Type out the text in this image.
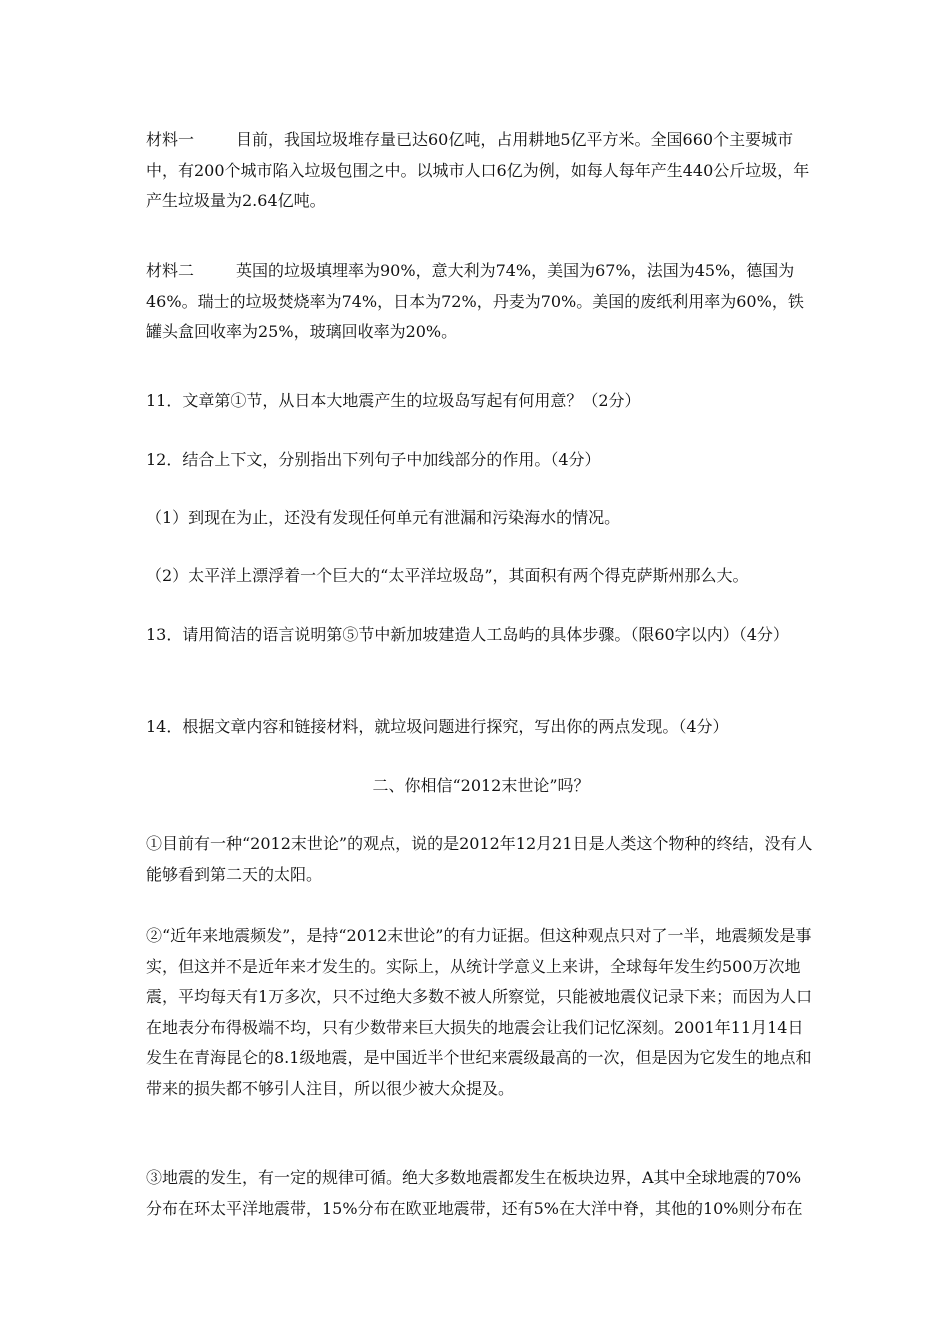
材料一	目前，我国垃圾堆存量已达60亿吨，占用耕地5亿平方米。全国660个主要城市中，有200个城市陷入垃圾包围之中。以城市人口6亿为例，如每人每年产生440公斤垃圾，年产生垃圾量为2.64亿吨。

材料二	英国的垃圾填埋率为90%，意大利为74%，美国为67%，法国为45%，德国为46%。瑞士的垃圾焚烧率为74%，日本为72%，丹麦为70%。美国的废纸利用率为60%，铁罐头盒回收率为25%，玻璃回收率为20%。

11．文章第①节，从日本大地震产生的垃圾岛写起有何用意？（2分）

12．结合上下文，分别指出下列句子中加线部分的作用。（4分）

（1）到现在为止，还没有发现任何单元有泄漏和污染海水的情况。

（2）太平洋上漂浮着一个巨大的“太平洋垃圾岛”，其面积有两个得克萨斯州那么大。

13．请用简洁的语言说明第⑤节中新加坡建造人工岛屿的具体步骤。（限60字以内）（4分）

14．根据文章内容和链接材料，就垃圾问题进行探究，写出你的两点发现。（4分）

二、你相信“2012末世论”吗？

①目前有一种“2012末世论”的观点，说的是2012年12月21日是人类这个物种的终结，没有人能够看到第二天的太阳。

②“近年来地震频发”，是持“2012末世论”的有力证据。但这种观点只对了一半，地震频发是事实，但这并不是近年来才发生的。实际上，从统计学意义上来讲，全球每年发生约500万次地震，平均每天有1万多次，只不过绝大多数不被人所察觉，只能被地震仪记录下来；而因为人口在地表分布得极端不均，只有少数带来巨大损失的地震会让我们记忆深刻。2001年11月14日发生在青海昆仑的8.1级地震，是中国近半个世纪来震级最高的一次，但是因为它发生的地点和带来的损失都不够引人注目，所以很少被大众提及。

③地震的发生，有一定的规律可循。绝大多数地震都发生在板块边界，A其中全球地震的70%分布在环太平洋地震带，15%分布在欧亚地震带，还有5%在大洋中脊，其他的10%则分布在
